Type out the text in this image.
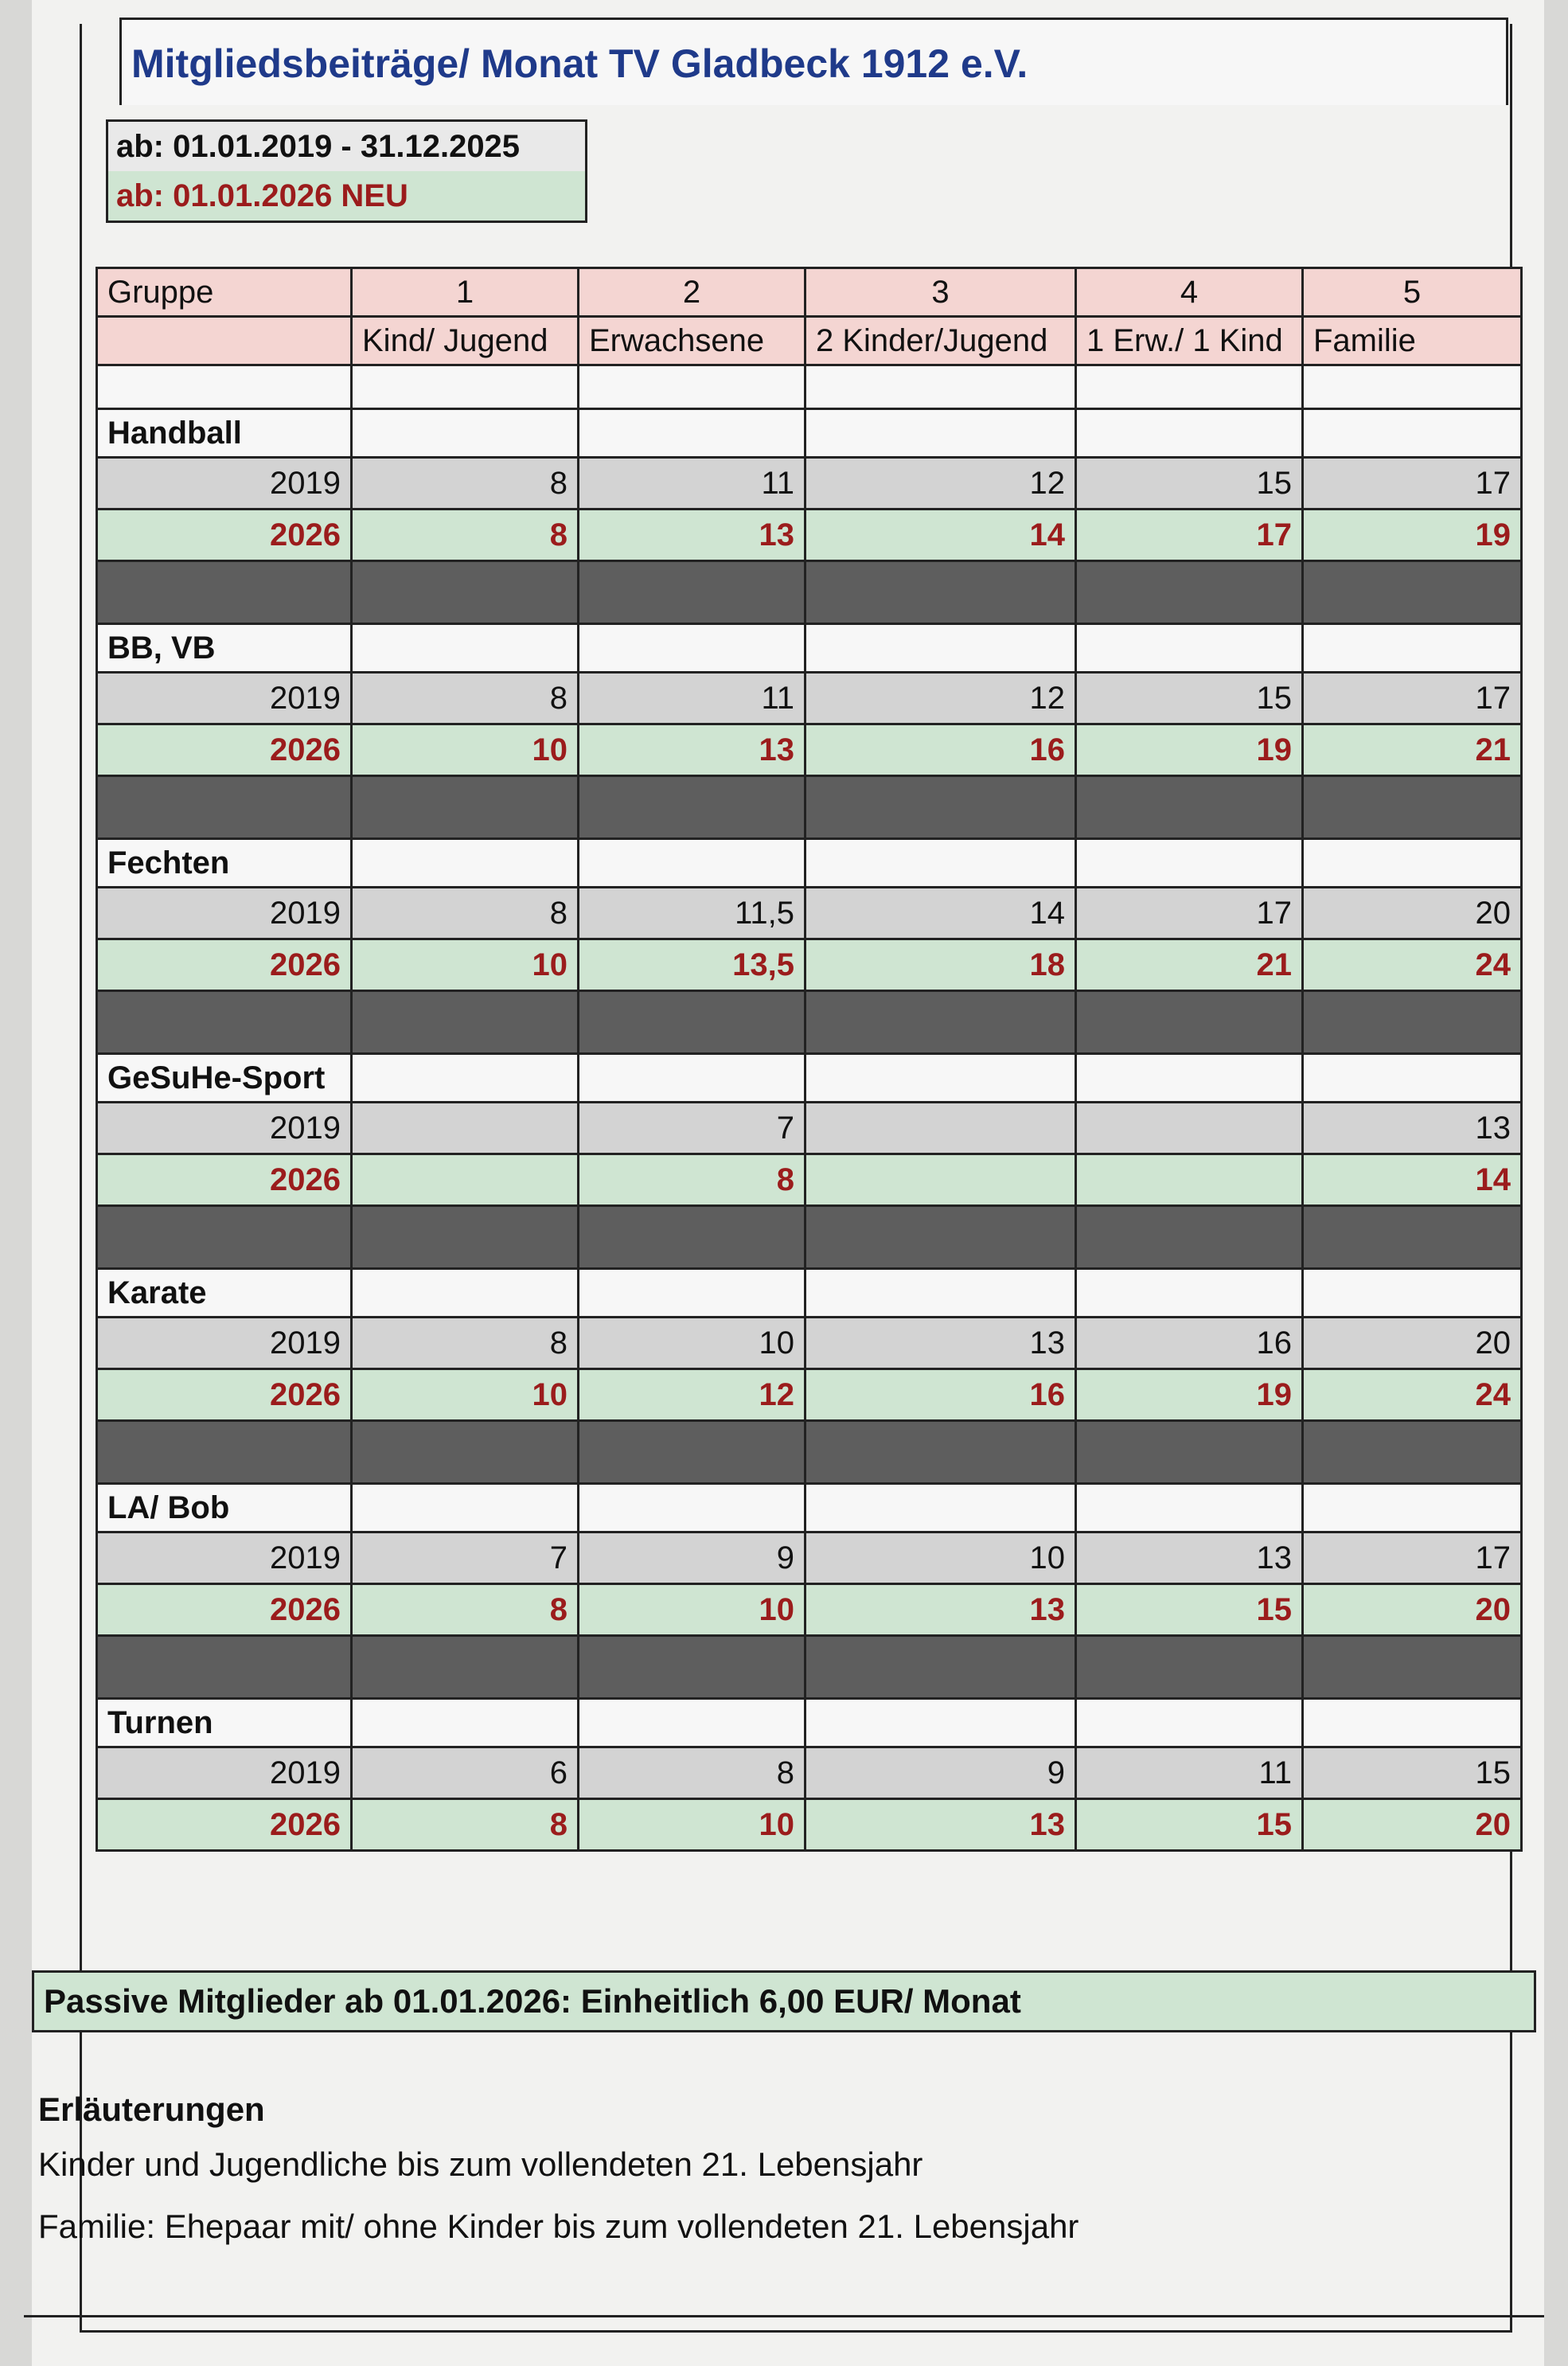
Mitgliedsbeiträge/ Monat TV Gladbeck 1912 e.V.
ab: 01.01.2019 - 31.12.2025
ab: 01.01.2026 NEU
Gruppe	1	2	3	4	5
	Kind/ Jugend	Erwachsene	2 Kinder/Jugend	1 Erw./ 1 Kind	Familie

Handball					
2019	8	11	12	15	17
2026	8	13	14	17	19

BB, VB					
2019	8	11	12	15	17
2026	10	13	16	19	21

Fechten					
2019	8	11,5	14	17	20
2026	10	13,5	18	21	24

GeSuHe-Sport					
2019		7			13
2026		8			14

Karate					
2019	8	10	13	16	20
2026	10	12	16	19	24

LA/ Bob					
2019	7	9	10	13	17
2026	8	10	13	15	20

Turnen					
2019	6	8	9	11	15
2026	8	10	13	15	20
Passive Mitglieder ab 01.01.2026: Einheitlich 6,00 EUR/ Monat
Erläuterungen
Kinder und Jugendliche bis zum vollendeten 21. Lebensjahr
Familie: Ehepaar mit/ ohne Kinder bis zum vollendeten 21. Lebensjahr
